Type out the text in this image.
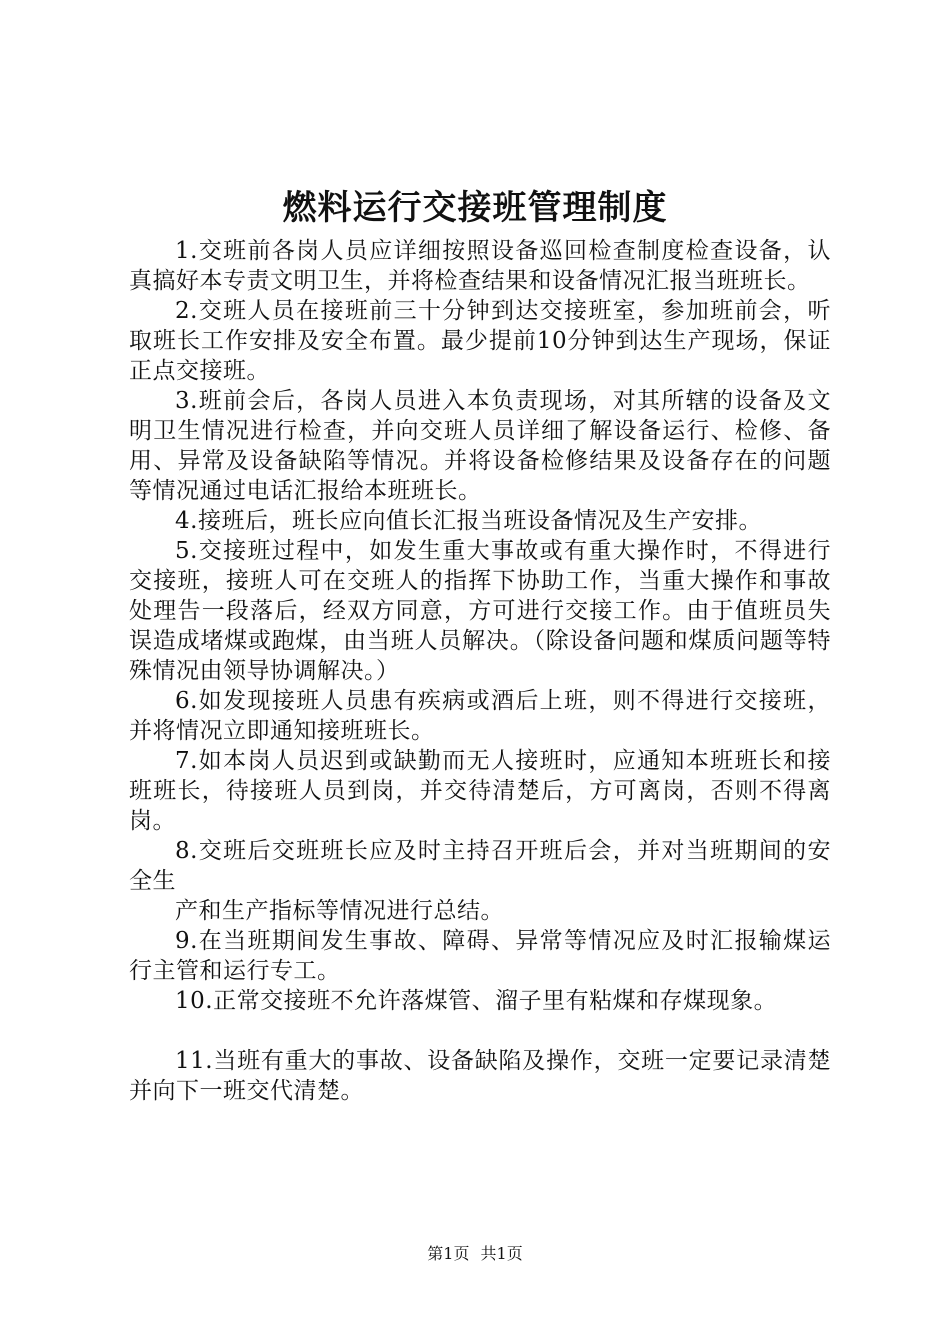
燃料运行交接班管理制度

1.交班前各岗人员应详细按照设备巡回检查制度检查设备，认真搞好本专责文明卫生，并将检查结果和设备情况汇报当班班长。

2.交班人员在接班前三十分钟到达交接班室，参加班前会，听取班长工作安排及安全布置。最少提前10分钟到达生产现场，保证正点交接班。

3.班前会后，各岗人员进入本负责现场，对其所辖的设备及文明卫生情况进行检查，并向交班人员详细了解设备运行、检修、备用、异常及设备缺陷等情况。并将设备检修结果及设备存在的问题等情况通过电话汇报给本班班长。

4.接班后，班长应向值长汇报当班设备情况及生产安排。

5.交接班过程中，如发生重大事故或有重大操作时，不得进行交接班，接班人可在交班人的指挥下协助工作，当重大操作和事故处理告一段落后，经双方同意，方可进行交接工作。由于值班员失误造成堵煤或跑煤，由当班人员解决。（除设备问题和煤质问题等特殊情况由领导协调解决。）

6.如发现接班人员患有疾病或酒后上班，则不得进行交接班，并将情况立即通知接班班长。

7.如本岗人员迟到或缺勤而无人接班时，应通知本班班长和接班班长，待接班人员到岗，并交待清楚后，方可离岗，否则不得离岗。

8.交班后交班班长应及时主持召开班后会，并对当班期间的安全生

产和生产指标等情况进行总结。

9.在当班期间发生事故、障碍、异常等情况应及时汇报输煤运行主管和运行专工。

10.正常交接班不允许落煤管、溜子里有粘煤和存煤现象。

11.当班有重大的事故、设备缺陷及操作，交班一定要记录清楚并向下一班交代清楚。

第1页 共1页
